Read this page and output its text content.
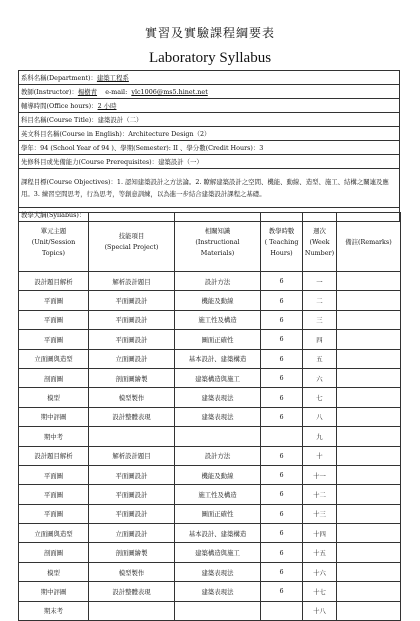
實習及實驗課程綱要表
Laboratory Syllabus
系科名稱(Department)：建築工程系
教師(Instructor)：楊樹青 e-mail: ylc1006@ms5.hinet.net
輔導時間(Office hours)：2 小時
科目名稱(Course Title)：建築設計（二）
英文科目名稱(Course in English)：Architecture Design（2）
學年：94 (School Year of 94 )、學期(Semester): II 、學分數(Credit Hours)：3
先修科目或先備能力(Course Prerequisites)：建築設計（一）
課程目標(Course Objectives)：1. 認知建築設計之方法論。2. 瞭解建築設計之空間、機能、動線、造型、施工、結構之關連及應用。3. 練習空間思考，行為思考，等創意訓練，以為進一步結合建築設計課程之基礎。
教學大綱(Syllabus)：
單元主題
(Unit/Session
Topics)	技能項目
(Special Project)	相關知識
(Instructional
Materials)	教學時數
( Teaching
Hours)	週次
(Week
Number)	備註(Remarks)
設計題目解析	解析設計題目	設計方法	6	一	
平面圖	平面圖設計	機能及動線	6	二	
平面圖	平面圖設計	施工性及構造	6	三	
平面圖	平面圖設計	圖面正確性	6	四	
立面圖與造型	立面圖設計	基本設計、建築構造	6	五	
剖面圖	剖面圖繪製	建築構造與施工	6	六	
模型	模型製作	建築表現法	6	七	
期中評圖	設計整體表現	建築表現法	6	八	
期中考				九	
設計題目解析	解析設計題目	設計方法	6	十	
平面圖	平面圖設計	機能及動線	6	十一	
平面圖	平面圖設計	施工性及構造	6	十二	
平面圖	平面圖設計	圖面正確性	6	十三	
立面圖與造型	立面圖設計	基本設計、建築構造	6	十四	
剖面圖	剖面圖繪製	建築構造與施工	6	十五	
模型	模型製作	建築表現法	6	十六	
期中評圖	設計整體表現	建築表現法	6	十七	
期末考				十八	
